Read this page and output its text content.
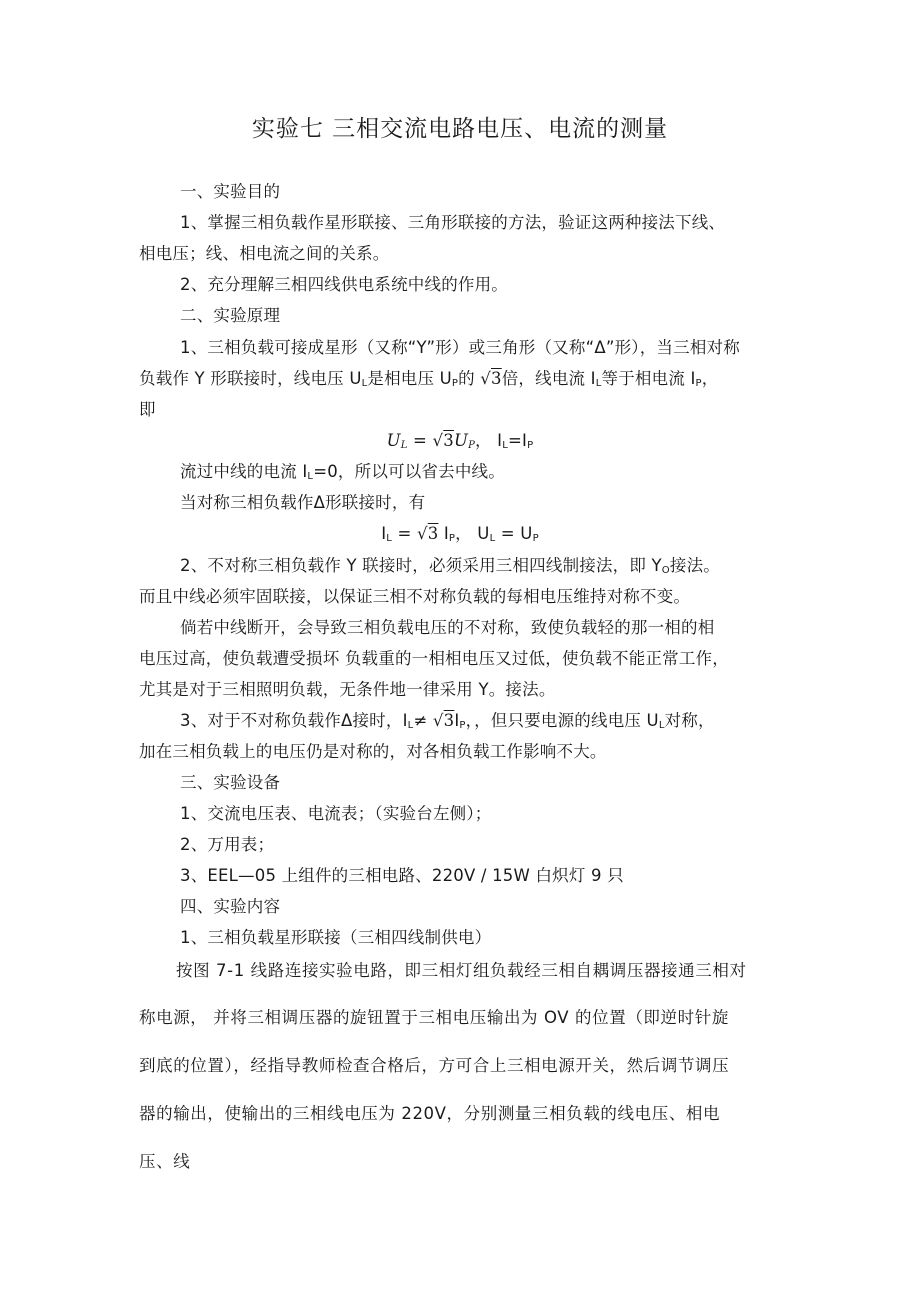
实验七 三相交流电路电压、电流的测量
一、实验目的
1、掌握三相负载作星形联接、三角形联接的方法，验证这两种接法下线、
相电压；线、相电流之间的关系。
2、充分理解三相四线供电系统中线的作用。
二、实验原理
1、三相负载可接成星形（又称“Y”形）或三角形（又称“Δ”形），当三相对称
负载作 Y 形联接时，线电压 $U_L$是相电压 $U_P$的 √3倍，线电流 $I_L$等于相电流 $I_P$，
即
$U_L = √3U_P$， $I_L=I_P$
流过中线的电流 $I_L=0$，所以可以省去中线。
当对称三相负载作Δ形联接时，有
$I_L = √3$ $I_P$， $U_L = U_P$
2、不对称三相负载作 Y 联接时，必须采用三相四线制接法，即 $Y_O$接法。
而且中线必须牢固联接，以保证三相不对称负载的每相电压维持对称不变。
倘若中线断开，会导致三相负载电压的不对称，致使负载轻的那一相的相
电压过高，使负载遭受损坏 负载重的一相相电压又过低，使负载不能正常工作，
尤其是对于三相照明负载，无条件地一律采用 Y。接法。
3、对于不对称负载作Δ接时，$I_L\ne √3I_P$，，但只要电源的线电压 $U_L$对称，
加在三相负载上的电压仍是对称的，对各相负载工作影响不大。
三、实验设备
1、交流电压表、电流表；（实验台左侧）；
2、万用表；
3、EEL—05 上组件的三相电路、220V / 15W 白炽灯 9 只
四、实验内容
1、三相负载星形联接（三相四线制供电）
按图 7-1 线路连接实验电路，即三相灯组负载经三相自耦调压器接通三相对
称电源， 并将三相调压器的旋钮置于三相电压输出为 OV 的位置（即逆时针旋
到底的位置），经指导教师检查合格后，方可合上三相电源开关，然后调节调压
器的输出，使输出的三相线电压为 220V，分别测量三相负载的线电压、相电
压、线
